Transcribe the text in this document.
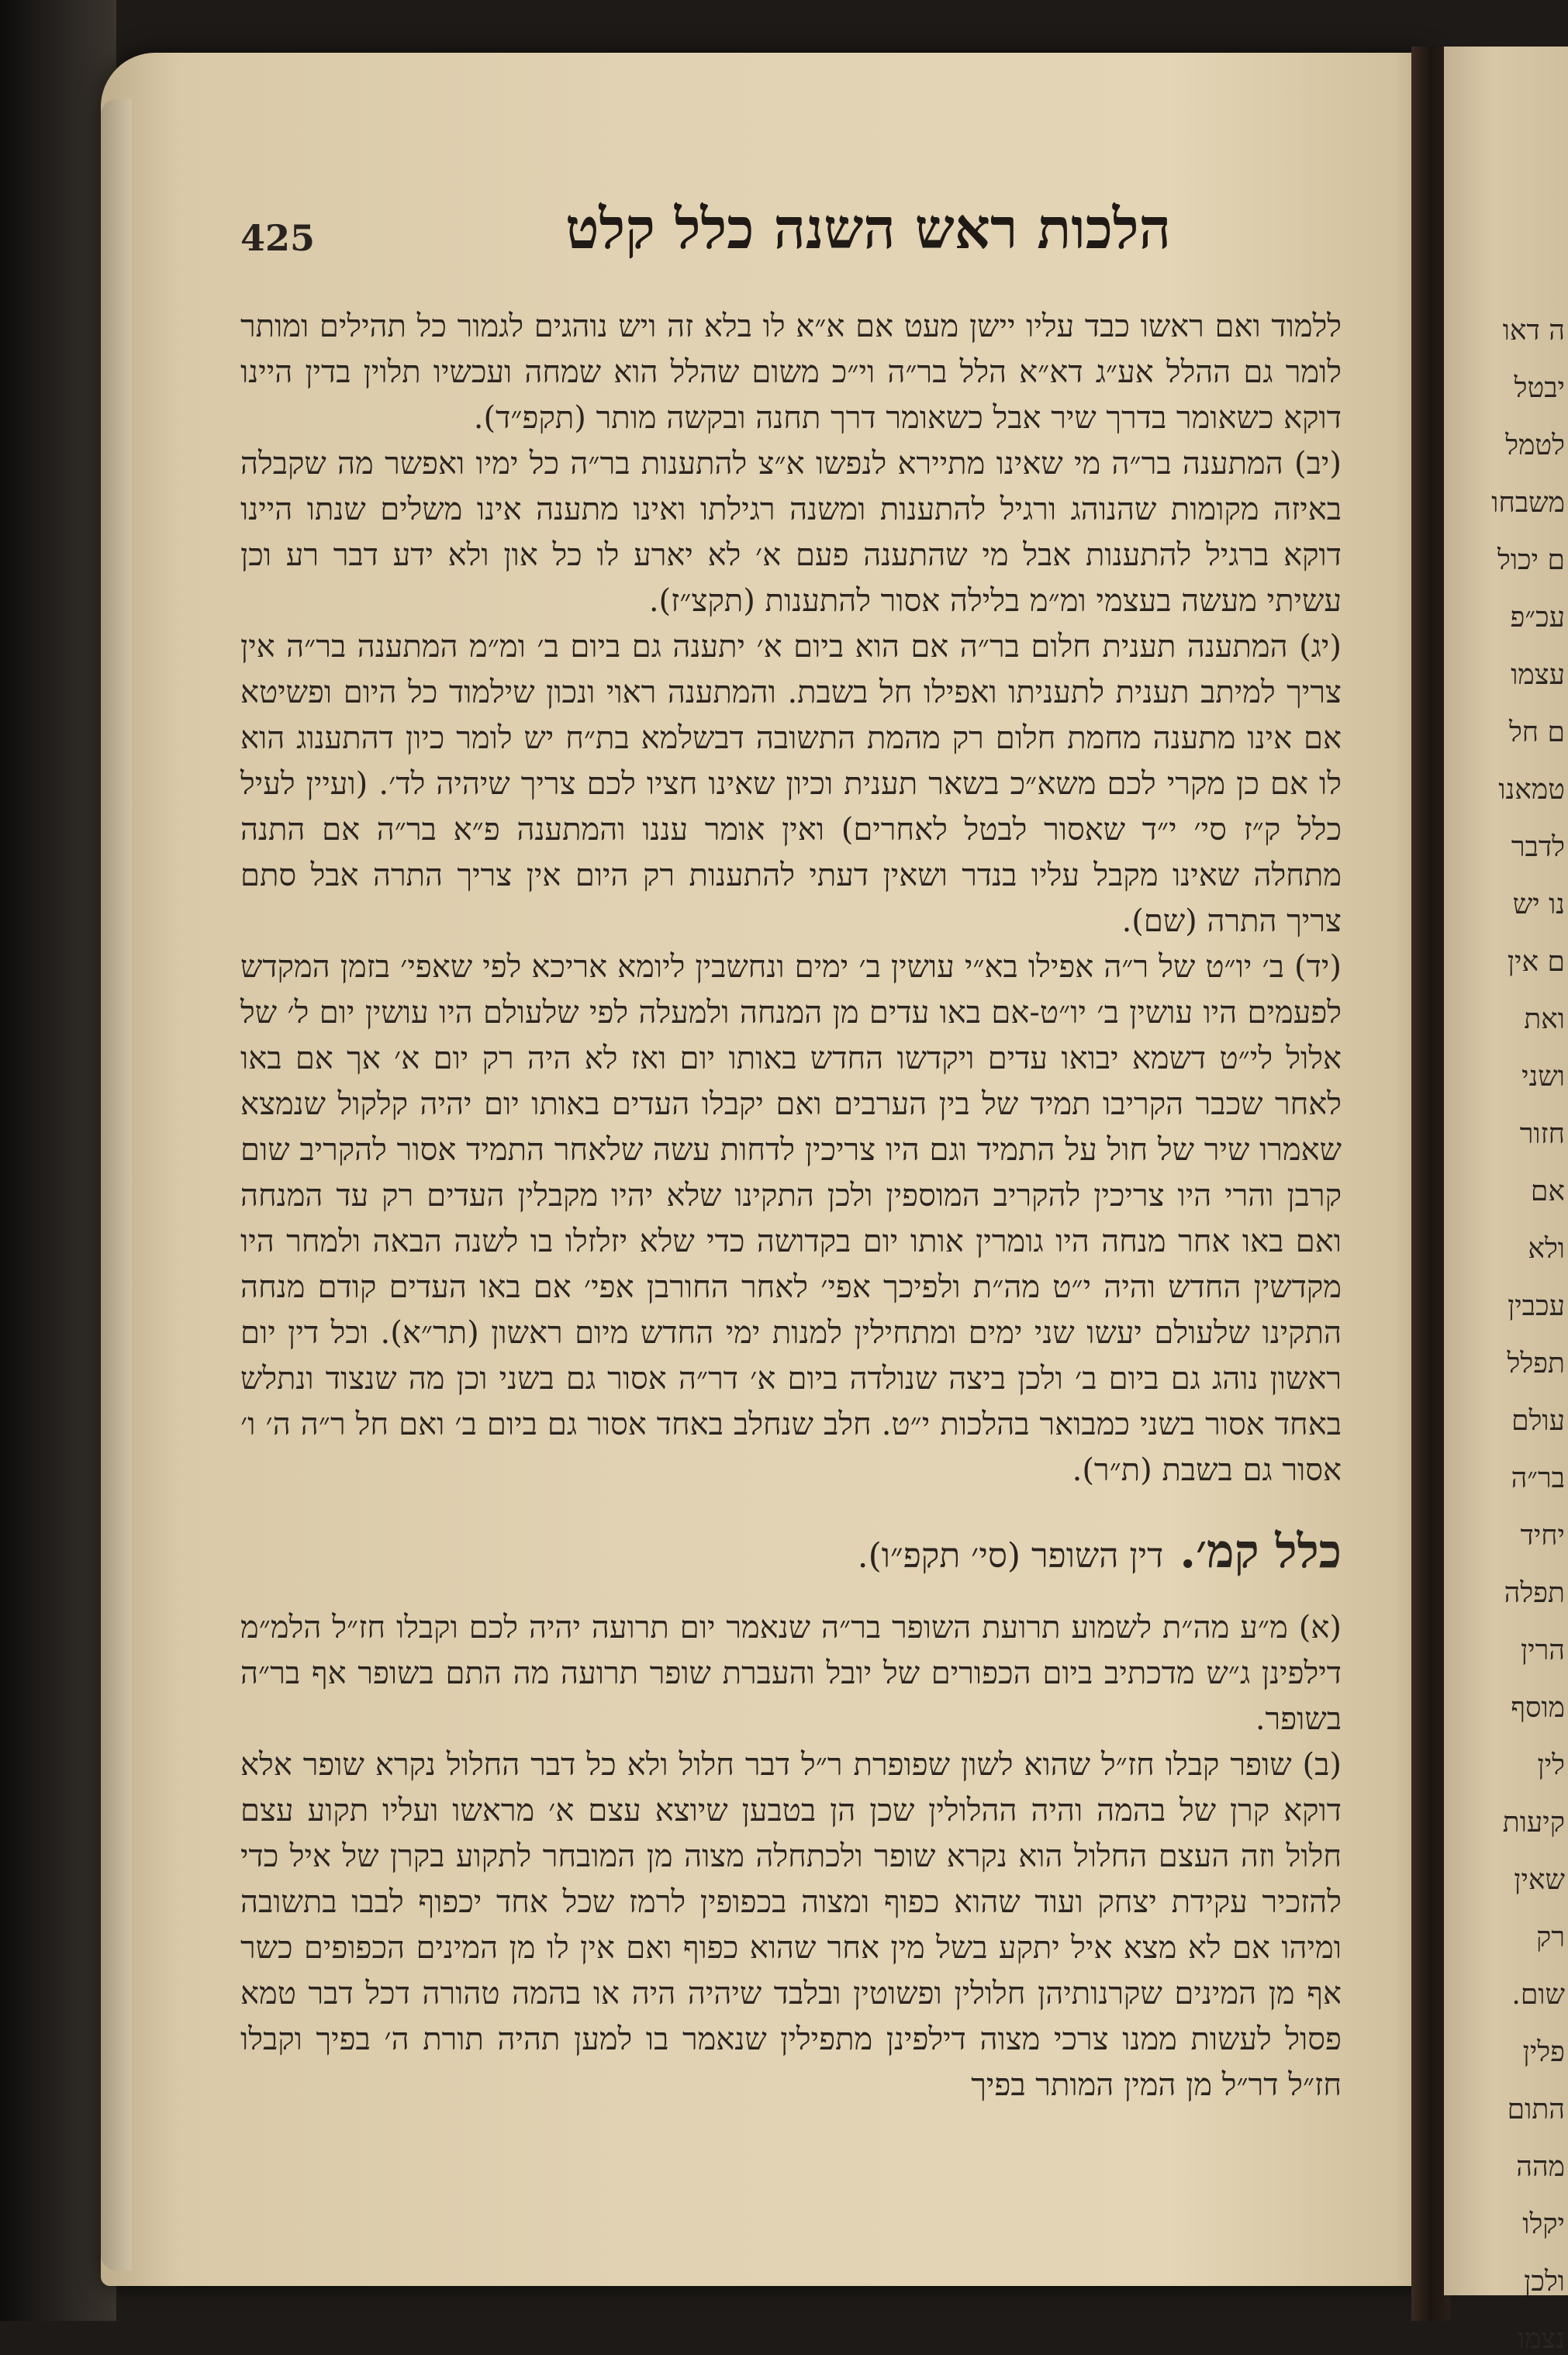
ה דאו
יבטל
לטמל
משבחו
ם יכול
עכ״פ
עצמו
ם חל
טמאנו
לדבר
נו יש
ם אין
ואת
ושני
חזור
אם
ולא
עכבין
תפלל
עולם
בר״ה
יחיד
תפלה
הרין
מוסף
לין
קיעות
שאין
רק
שום.
פלין
התום
מהה
יקלו
ולכן
נצמו
425	הלכות ראש השנה כלל קלט

ללמוד ואם ראשו כבד עליו יישן מעט אם א״א לו בלא זה ויש נוהגים לגמור כל תהילים ומותר לומר גם ההלל אע״ג דא״א הלל בר״ה וי״כ משום שהלל הוא שמחה ועכשיו תלוין בדין היינו דוקא כשאומר בדרך שיר אבל כשאומר דרך תחנה ובקשה מותר (תקפ״ד).

(יב) המתענה בר״ה מי שאינו מתיירא לנפשו א״צ להתענות בר״ה כל ימיו ואפשר מה שקבלה באיזה מקומות שהנוהג ורגיל להתענות ומשנה רגילתו ואינו מתענה אינו משלים שנתו היינו דוקא ברגיל להתענות אבל מי שהתענה פעם א׳ לא יארע לו כל און ולא ידע דבר רע וכן עשיתי מעשה בעצמי ומ״מ בלילה אסור להתענות (תקצ״ז).

(יג) המתענה תענית חלום בר״ה אם הוא ביום א׳ יתענה גם ביום ב׳ ומ״מ המתענה בר״ה אין צריך למיתב תענית לתעניתו ואפילו חל בשבת. והמתענה ראוי ונכון שילמוד כל היום ופשיטא אם אינו מתענה מחמת חלום רק מהמת התשובה דבשלמא בת״ח יש לומר כיון דהתענוג הוא לו אם כן מקרי לכם משא״כ בשאר תענית וכיון שאינו חציו לכם צריך שיהיה לד׳. (ועיין לעיל כלל ק״ז סי׳ י״ד שאסור לבטל לאחרים) ואין אומר עננו והמתענה פ״א בר״ה אם התנה מתחלה שאינו מקבל עליו בנדר ושאין דעתי להתענות רק היום אין צריך התרה אבל סתם צריך התרה (שם).

(יד) ב׳ יו״ט של ר״ה אפילו בא״י עושין ב׳ ימים ונחשבין ליומא אריכא לפי שאפי׳ בזמן המקדש לפעמים היו עושין ב׳ יו״ט-אם באו עדים מן המנחה ולמעלה לפי שלעולם היו עושין יום ל׳ של אלול לי״ט דשמא יבואו עדים ויקדשו החדש באותו יום ואז לא היה רק יום א׳ אך אם באו לאחר שכבר הקריבו תמיד של בין הערבים ואם יקבלו העדים באותו יום יהיה קלקול שנמצא שאמרו שיר של חול על התמיד וגם היו צריכין לדחות עשה שלאחר התמיד אסור להקריב שום קרבן והרי היו צריכין להקריב המוספין ולכן התקינו שלא יהיו מקבלין העדים רק עד המנחה ואם באו אחר מנחה היו גומרין אותו יום בקדושה כדי שלא יזלזלו בו לשנה הבאה ולמחר היו מקדשין החדש והיה י״ט מה״ת ולפיכך אפי׳ לאחר החורבן אפי׳ אם באו העדים קודם מנחה התקינו שלעולם יעשו שני ימים ומתחילין למנות ימי החדש מיום ראשון (תר״א). וכל דין יום ראשון נוהג גם ביום ב׳ ולכן ביצה שנולדה ביום א׳ דר״ה אסור גם בשני וכן מה שנצוד ונתלש באחד אסור בשני כמבואר בהלכות י״ט. חלב שנחלב באחד אסור גם ביום ב׳ ואם חל ר״ה ה׳ ו׳ אסור גם בשבת (ת״ר).

כלל קמ׳. דין השופר (סי׳ תקפ״ו).

(א) מ״ע מה״ת לשמוע תרועת השופר בר״ה שנאמר יום תרועה יהיה לכם וקבלו חז״ל הלמ״מ דילפינן ג״ש מדכתיב ביום הכפורים של יובל והעברת שופר תרועה מה התם בשופר אף בר״ה בשופר.

(ב) שופר קבלו חז״ל שהוא לשון שפופרת ר״ל דבר חלול ולא כל דבר החלול נקרא שופר אלא דוקא קרן של בהמה והיה ההלולין שכן הן בטבען שיוצא עצם א׳ מראשו ועליו תקוע עצם חלול וזה העצם החלול הוא נקרא שופר ולכתחלה מצוה מן המובחר לתקוע בקרן של איל כדי להזכיר עקידת יצחק ועוד שהוא כפוף ומצוה בכפופין לרמז שכל אחד יכפוף לבבו בתשובה ומיהו אם לא מצא איל יתקע בשל מין אחר שהוא כפוף ואם אין לו מן המינים הכפופים כשר אף מן המינים שקרנותיהן חלולין ופשוטין ובלבד שיהיה היה או בהמה טהורה דכל דבר טמא פסול לעשות ממנו צרכי מצוה דילפינן מתפילין שנאמר בו למען תהיה תורת ה׳ בפיך וקבלו חז״ל דר״ל מן המין המותר בפיך
